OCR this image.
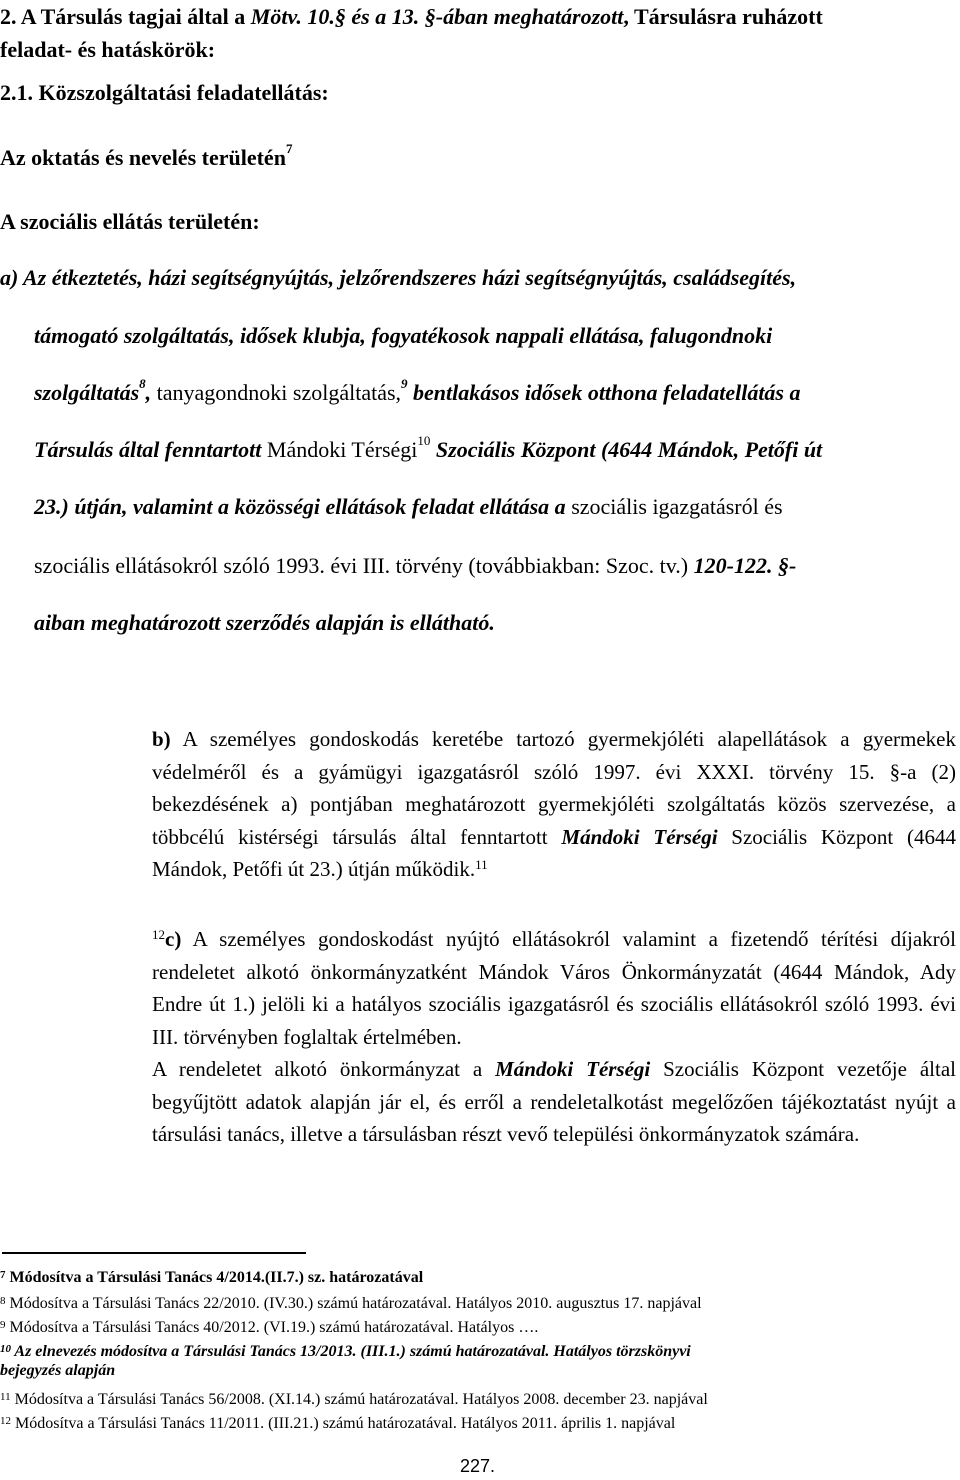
2. A Társulás tagjai által a Mötv. 10.§ és a 13. §-ában meghatározott, Társulásra ruházott
feladat- és hatáskörök:
2.1. Közszolgáltatási feladatellátás:
Az oktatás és nevelés területén$^7$
A szociális ellátás területén:
a) Az étkeztetés, házi segítségnyújtás, jelzőrendszeres házi segítségnyújtás, családsegítés,
támogató szolgáltatás, idősek klubja, fogyatékosok nappali ellátása, falugondnoki
szolgáltatás$^8$, tanyagondnoki szolgáltatás,$^9$ bentlakásos idősek otthona feladatellátás a
Társulás által fenntartott Mándoki Térségi$^{10}$ Szociális Központ (4644 Mándok, Petőfi út
23.) útján, valamint a közösségi ellátások feladat ellátása a szociális igazgatásról és
szociális ellátásokról szóló 1993. évi III. törvény (továbbiakban: Szoc. tv.) 120-122. §-
aiban meghatározott szerződés alapján is ellátható.
b) A személyes gondoskodás keretébe tartozó gyermekjóléti alapellátások a gyermekek védelméről és a gyámügyi igazgatásról szóló 1997. évi XXXI. törvény 15. §-a (2) bekezdésének a) pontjában meghatározott gyermekjóléti szolgáltatás közös szervezése, a többcélú kistérségi társulás által fenntartott Mándoki Térségi Szociális Központ (4644 Mándok, Petőfi út 23.) útján működik.$^{11}$
$^{12}$c) A személyes gondoskodást nyújtó ellátásokról valamint a fizetendő térítési díjakról rendeletet alkotó önkormányzatként Mándok Város Önkormányzatát (4644 Mándok, Ady Endre út 1.) jelöli ki a hatályos szociális igazgatásról és szociális ellátásokról szóló 1993. évi III. törvényben foglaltak értelmében.
A rendeletet alkotó önkormányzat a Mándoki Térségi Szociális Központ vezetője által begyűjtött adatok alapján jár el, és erről a rendeletalkotást megelőzően tájékoztatást nyújt a társulási tanács, illetve a társulásban részt vevő települési önkormányzatok számára.
$^7$ Módosítva a Társulási Tanács 4/2014.(II.7.) sz. határozatával
$^8$ Módosítva a Társulási Tanács 22/2010. (IV.30.) számú határozatával. Hatályos 2010. augusztus 17. napjával
$^9$ Módosítva a Társulási Tanács 40/2012. (VI.19.) számú határozatával. Hatályos ….
$^{10}$ Az elnevezés módosítva a Társulási Tanács 13/2013. (III.1.) számú határozatával. Hatályos törzskönyvi
bejegyzés alapján
$^{11}$ Módosítva a Társulási Tanács 56/2008. (XI.14.) számú határozatával. Hatályos 2008. december 23. napjával
$^{12}$ Módosítva a Társulási Tanács 11/2011. (III.21.) számú határozatával. Hatályos 2011. április 1. napjával
227.
